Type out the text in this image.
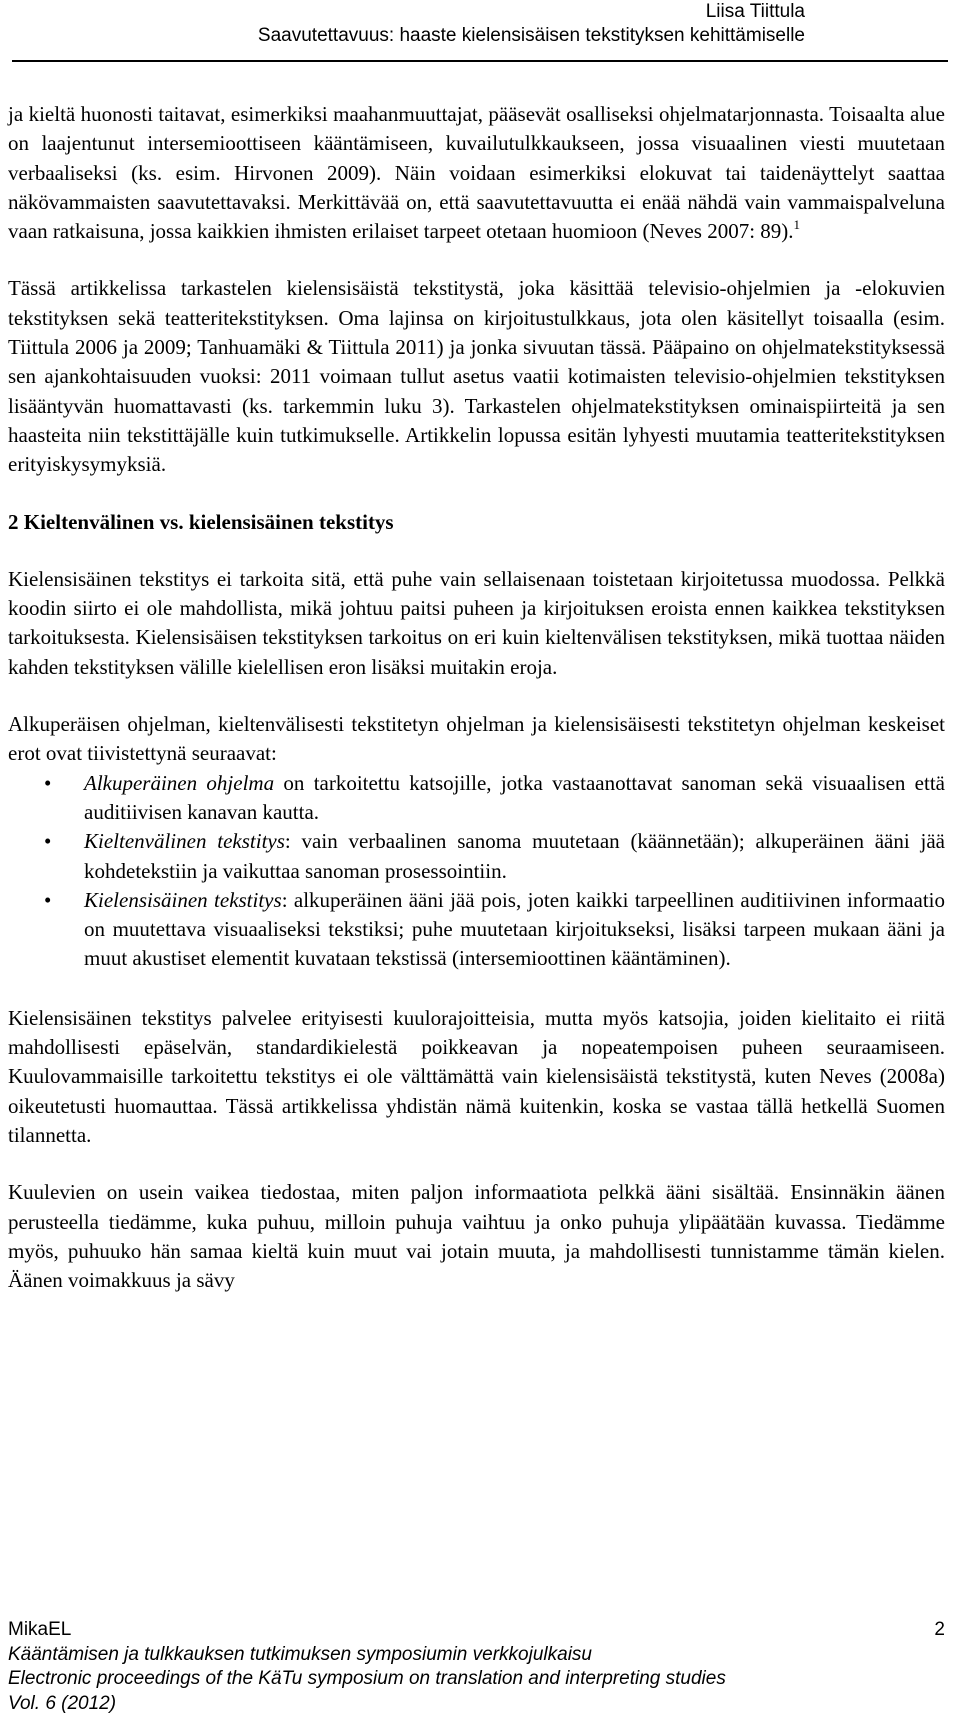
Liisa Tiittula
Saavutettavuus: haaste kielensisäisen tekstityksen kehittämiselle

ja kieltä huonosti taitavat, esimerkiksi maahanmuuttajat, pääsevät osalliseksi ohjelmatarjonnasta. Toisaalta alue on laajentunut intersemioottiseen kääntämiseen, kuvailutulkkaukseen, jossa visuaalinen viesti muutetaan verbaaliseksi (ks. esim. Hirvonen 2009). Näin voidaan esimerkiksi elokuvat tai taidenäyttelyt saattaa näkövammaisten saavutettavaksi. Merkittävää on, että saavutettavuutta ei enää nähdä vain vammaispalveluna vaan ratkaisuna, jossa kaikkien ihmisten erilaiset tarpeet otetaan huomioon (Neves 2007: 89).$^1$

Tässä artikkelissa tarkastelen kielensisäistä tekstitystä, joka käsittää televisio-ohjelmien ja -elokuvien tekstityksen sekä teatteritekstityksen. Oma lajinsa on kirjoitustulkkaus, jota olen käsitellyt toisaalla (esim. Tiittula 2006 ja 2009; Tanhuamäki & Tiittula 2011) ja jonka sivuutan tässä. Pääpaino on ohjelmatekstityksessä sen ajankohtaisuuden vuoksi: 2011 voimaan tullut asetus vaatii kotimaisten televisio-ohjelmien tekstityksen lisääntyvän huomattavasti (ks. tarkemmin luku 3). Tarkastelen ohjelmatekstityksen ominaispiirteitä ja sen haasteita niin tekstittäjälle kuin tutkimukselle. Artikkelin lopussa esitän lyhyesti muutamia teatteritekstityksen erityiskysymyksiä.

2 Kieltenvälinen vs. kielensisäinen tekstitys

Kielensisäinen tekstitys ei tarkoita sitä, että puhe vain sellaisenaan toistetaan kirjoitetussa muodossa. Pelkkä koodin siirto ei ole mahdollista, mikä johtuu paitsi puheen ja kirjoituksen eroista ennen kaikkea tekstityksen tarkoituksesta. Kielensisäisen tekstityksen tarkoitus on eri kuin kieltenvälisen tekstityksen, mikä tuottaa näiden kahden tekstityksen välille kielellisen eron lisäksi muitakin eroja.

Alkuperäisen ohjelman, kieltenvälisesti tekstitetyn ohjelman ja kielensisäisesti tekstitetyn ohjelman keskeiset erot ovat tiivistettynä seuraavat:

• Alkuperäinen ohjelma on tarkoitettu katsojille, jotka vastaanottavat sanoman sekä visuaalisen että auditiivisen kanavan kautta.
• Kieltenvälinen tekstitys: vain verbaalinen sanoma muutetaan (käännetään); alkuperäinen ääni jää kohdetekstiin ja vaikuttaa sanoman prosessointiin.
• Kielensisäinen tekstitys: alkuperäinen ääni jää pois, joten kaikki tarpeellinen auditiivinen informaatio on muutettava visuaaliseksi tekstiksi; puhe muutetaan kirjoitukseksi, lisäksi tarpeen mukaan ääni ja muut akustiset elementit kuvataan tekstissä (intersemioottinen kääntäminen).

Kielensisäinen tekstitys palvelee erityisesti kuulorajoitteisia, mutta myös katsojia, joiden kielitaito ei riitä mahdollisesti epäselvän, standardikielestä poikkeavan ja nopeatempoisen puheen seuraamiseen. Kuulovammaisille tarkoitettu tekstitys ei ole välttämättä vain kielensisäistä tekstitystä, kuten Neves (2008a) oikeutetusti huomauttaa. Tässä artikkelissa yhdistän nämä kuitenkin, koska se vastaa tällä hetkellä Suomen tilannetta.

Kuulevien on usein vaikea tiedostaa, miten paljon informaatiota pelkkä ääni sisältää. Ensinnäkin äänen perusteella tiedämme, kuka puhuu, milloin puhuja vaihtuu ja onko puhuja ylipäätään kuvassa. Tiedämme myös, puhuuko hän samaa kieltä kuin muut vai jotain muuta, ja mahdollisesti tunnistamme tämän kielen. Äänen voimakkuus ja sävy

MikaEL	2
Kääntämisen ja tulkkauksen tutkimuksen symposiumin verkkojulkaisu
Electronic proceedings of the KäTu symposium on translation and interpreting studies
Vol. 6 (2012)
